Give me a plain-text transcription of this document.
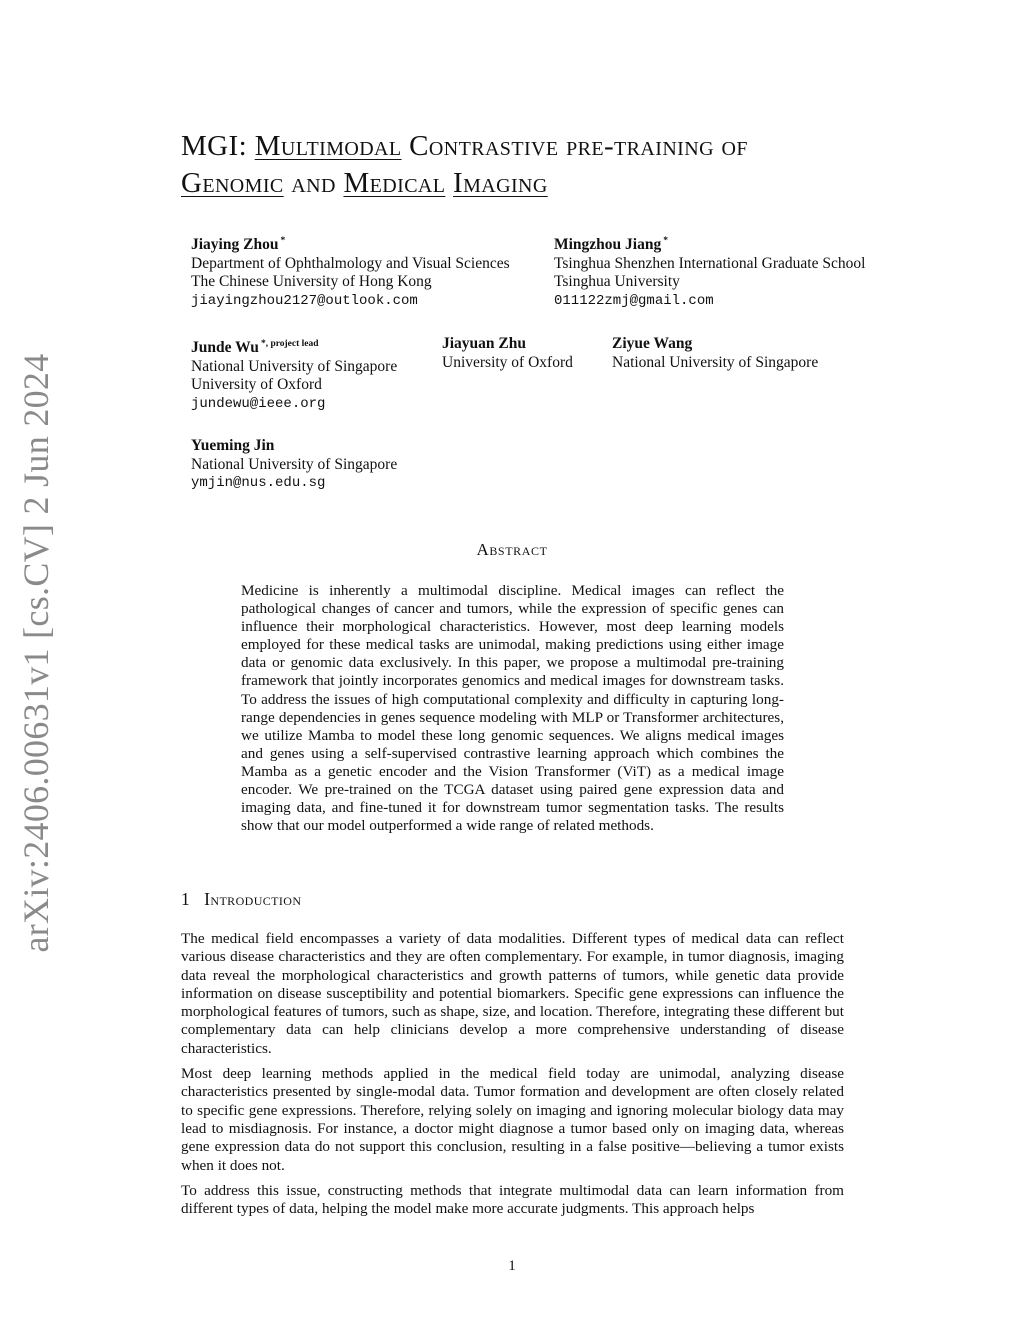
arXiv:2406.00631v1 [cs.CV] 2 Jun 2024
MGI: Multimodal Contrastive pre-training of
Genomic and Medical Imaging
Jiaying Zhou *
Department of Ophthalmology and Visual Sciences
The Chinese University of Hong Kong
jiayingzhou2127@outlook.com
Mingzhou Jiang *
Tsinghua Shenzhen International Graduate School
Tsinghua University
011122zmj@gmail.com
Junde Wu $^{*, project lead}$
National University of Singapore
University of Oxford
jundewu@ieee.org
Jiayuan Zhu
University of Oxford
Ziyue Wang
National University of Singapore
Yueming Jin
National University of Singapore
ymjin@nus.edu.sg
Abstract
Medicine is inherently a multimodal discipline. Medical images can reflect the pathological changes of cancer and tumors, while the expression of specific genes can influence their morphological characteristics. However, most deep learning models employed for these medical tasks are unimodal, making predictions using either image data or genomic data exclusively. In this paper, we propose a multimodal pre-training framework that jointly incorporates genomics and medical images for downstream tasks. To address the issues of high computational complexity and difficulty in capturing long-range dependencies in genes sequence modeling with MLP or Transformer architectures, we utilize Mamba to model these long genomic sequences. We aligns medical images and genes using a self-supervised contrastive learning approach which combines the Mamba as a genetic encoder and the Vision Transformer (ViT) as a medical image encoder. We pre-trained on the TCGA dataset using paired gene expression data and imaging data, and fine-tuned it for downstream tumor segmentation tasks. The results show that our model outperformed a wide range of related methods.
1 Introduction

The medical field encompasses a variety of data modalities. Different types of medical data can reflect various disease characteristics and they are often complementary. For example, in tumor diagnosis, imaging data reveal the morphological characteristics and growth patterns of tumors, while genetic data provide information on disease susceptibility and potential biomarkers. Specific gene expressions can influence the morphological features of tumors, such as shape, size, and location. Therefore, integrating these different but complementary data can help clinicians develop a more comprehensive understanding of disease characteristics.

Most deep learning methods applied in the medical field today are unimodal, analyzing disease characteristics presented by single-modal data. Tumor formation and development are often closely related to specific gene expressions. Therefore, relying solely on imaging and ignoring molecular biology data may lead to misdiagnosis. For instance, a doctor might diagnose a tumor based only on imaging data, whereas gene expression data do not support this conclusion, resulting in a false positive—believing a tumor exists when it does not.

To address this issue, constructing methods that integrate multimodal data can learn information from different types of data, helping the model make more accurate judgments. This approach helps

1
